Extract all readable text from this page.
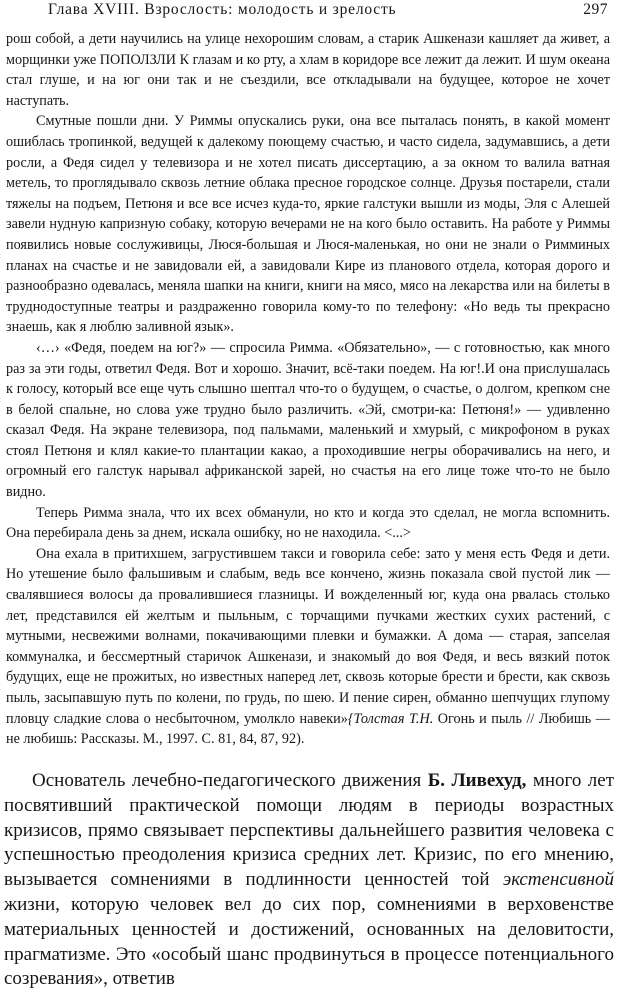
Глава XVIII. Взрослость: молодость и зрелость	297

рош собой, а дети научились на улице нехорошим словам, а старик Ашкенази кашляет да живет, а морщинки уже ПОПОЛЗЛИ К глазам и ко рту, а хлам в коридоре все лежит да лежит. И шум океана стал глуше, и на юг они так и не съездили, все откладывали на будущее, которое не хочет наступать.

Смутные пошли дни. У Риммы опускались руки, она все пыталась понять, в какой момент ошиблась тропинкой, ведущей к далекому поющему счастью, и часто сидела, задумавшись, а дети росли, а Федя сидел у телевизора и не хотел писать диссертацию, а за окном то валила ватная метель, то проглядывало сквозь летние облака пресное городское солнце. Друзья постарели, стали тяжелы на подъем, Петюня и все все исчез куда-то, яркие галстуки вышли из моды, Эля с Алешей завели нудную капризную собаку, которую вечерами не на кого было оставить. На работе у Риммы появились новые сослуживицы, Люся-большая и Люся-маленькая, но они не знали о Римминых планах на счастье и не завидовали ей, а завидовали Кире из планового отдела, которая дорого и разнообразно одевалась, меняла шапки на книги, книги на мясо, мясо на лекарства или на билеты в труднодоступные театры и раздраженно говорила кому-то по телефону: «Но ведь ты прекрасно знаешь, как я люблю заливной язык».

‹…› «Федя, поедем на юг?» — спросила Римма. «Обязательно», — с готовностью, как много раз за эти годы, ответил Федя. Вот и хорошо. Значит, всё-таки поедем. На юг!.И она прислушалась к голосу, который все еще чуть слышно шептал что-то о будущем, о счастье, о долгом, крепком сне в белой спальне, но слова уже трудно было различить. «Эй, смотри-ка: Петюня!» — удивленно сказал Федя. На экране телевизора, под пальмами, маленький и хмурый, с микрофоном в руках стоял Петюня и клял какие-то плантации какао, а проходившие негры оборачивались на него, и огромный его галстук нарывал африканской зарей, но счастья на его лице тоже что-то не было видно.

Теперь Римма знала, что их всех обманули, но кто и когда это сделал, не могла вспомнить. Она перебирала день за днем, искала ошибку, но не находила. <...>

Она ехала в притихшем, загрустившем такси и говорила себе: зато у меня есть Федя и дети. Но утешение было фальшивым и слабым, ведь все кончено, жизнь показала свой пустой лик — свалявшиеся волосы да провалившиеся глазницы. И вожделенный юг, куда она рвалась столько лет, представился ей желтым и пыльным, с торчащими пучками жестких сухих растений, с мутными, несвежими волнами, покачивающими плевки и бумажки. А дома — старая, запселая коммуналка, и бессмертный старичок Ашкенази, и знакомый до воя Федя, и весь вязкий поток будущих, еще не прожитых, но известных наперед лет, сквозь которые брести и брести, как сквозь пыль, засыпавшую путь по колени, по грудь, по шею. И пение сирен, обманно шепчущих глупому пловцу сладкие слова о несбыточном, умолкло навеки»{Толстая Т.Н. Огонь и пыль // Любишь — не любишь: Рассказы. М., 1997. С. 81, 84, 87, 92).

Основатель лечебно-педагогического движения Б. Ливехуд, много лет посвятивший практической помощи людям в периоды возрастных кризисов, прямо связывает перспективы дальнейшего развития человека с успешностью преодоления кризиса средних лет. Кризис, по его мнению, вызывается сомнениями в подлинности ценностей той экстенсивной жизни, которую человек вел до сих пор, сомнениями в верховенстве материальных ценностей и достижений, основанных на деловитости, прагматизме. Это «особый шанс продвинуться в процессе потенциального созревания», ответив
